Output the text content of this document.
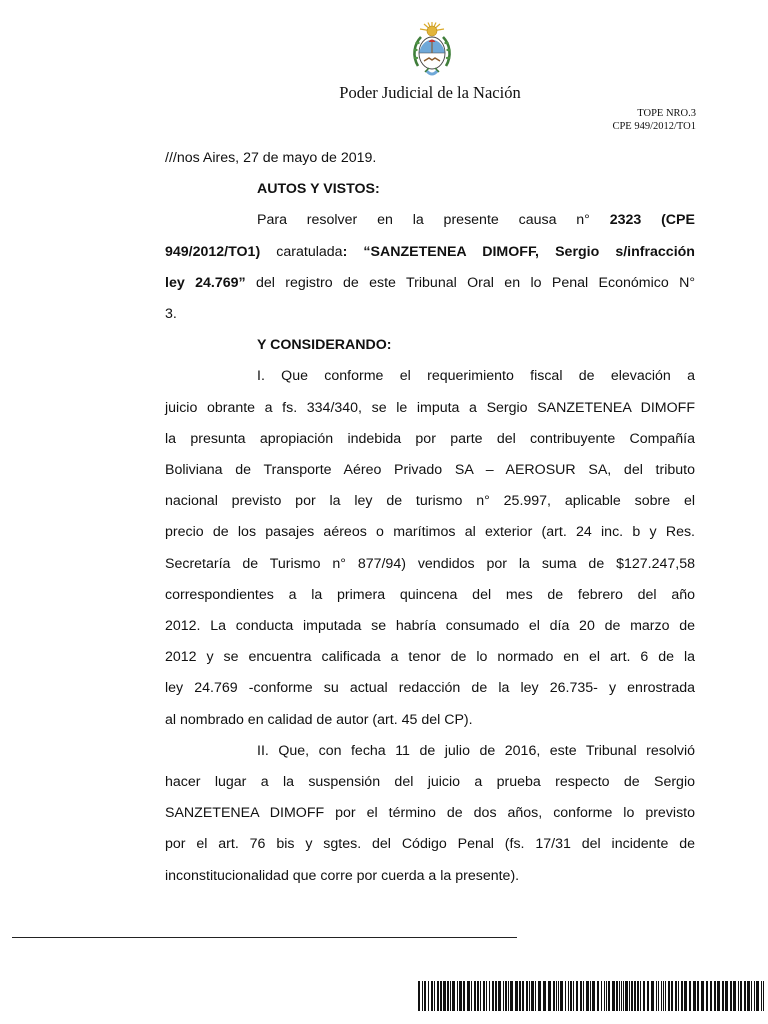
Poder Judicial de la Nación
TOPE NRO.3
CPE 949/2012/TO1

///nos Aires, 27 de mayo de 2019.

AUTOS Y VISTOS:

Para resolver en la presente causa n° 2323 (CPE

949/2012/TO1) caratulada: “SANZETENEA DIMOFF, Sergio s/infracción

ley 24.769” del registro de este Tribunal Oral en lo Penal Económico N°

3.

Y CONSIDERANDO:

I. Que conforme el requerimiento fiscal de elevación a

juicio obrante a fs. 334/340, se le imputa a Sergio SANZETENEA DIMOFF

la presunta apropiación indebida por parte del contribuyente Compañía

Boliviana de Transporte Aéreo Privado SA – AEROSUR SA, del tributo

nacional previsto por la ley de turismo n° 25.997, aplicable sobre el

precio de los pasajes aéreos o marítimos al exterior (art. 24 inc. b y Res.

Secretaría de Turismo n° 877/94) vendidos por la suma de $127.247,58

correspondientes a la primera quincena del mes de febrero del año

2012. La conducta imputada se habría consumado el día 20 de marzo de

2012 y se encuentra calificada a tenor de lo normado en el art. 6 de la

ley 24.769 -conforme su actual redacción de la ley 26.735- y enrostrada

al nombrado en calidad de autor (art. 45 del CP).

II. Que, con fecha 11 de julio de 2016, este Tribunal resolvió

hacer lugar a la suspensión del juicio a prueba respecto de Sergio

SANZETENEA DIMOFF por el término de dos años, conforme lo previsto

por el art. 76 bis y sgtes. del Código Penal (fs. 17/31 del incidente de

inconstitucionalidad que corre por cuerda a la presente).
